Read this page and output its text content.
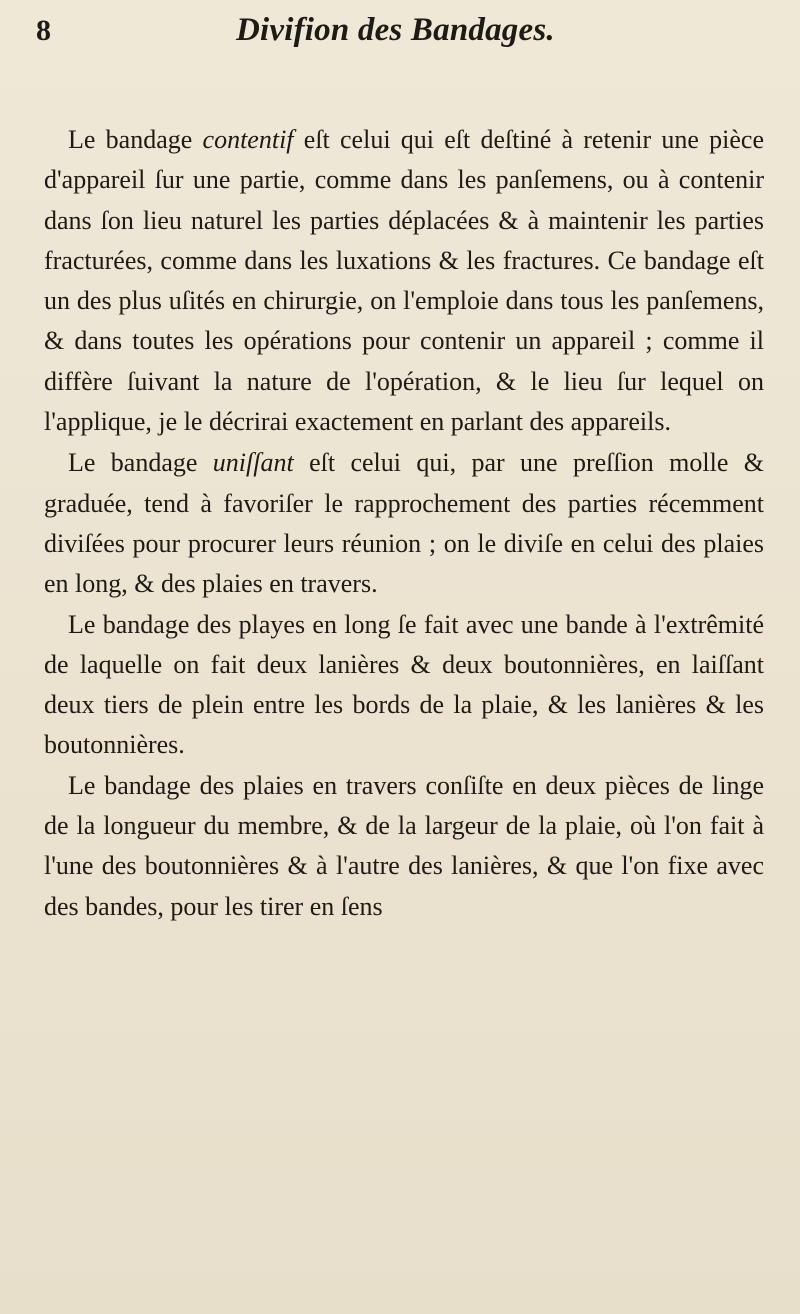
8	Divifion des Bandages.

Le bandage contentif eſt celui qui eſt deſtiné à retenir une pièce d'appareil ſur une partie, comme dans les panſemens, ou à contenir dans ſon lieu naturel les parties déplacées & à maintenir les parties fracturées, comme dans les luxations & les fractures. Ce bandage eſt un des plus uſités en chirurgie, on l'emploie dans tous les panſemens, & dans toutes les opérations pour contenir un appareil ; comme il diffère ſuivant la nature de l'opération, & le lieu ſur lequel on l'applique, je le décrirai exactement en parlant des appareils.

Le bandage uniſſant eſt celui qui, par une preſſion molle & graduée, tend à favoriſer le rapprochement des parties récemment diviſées pour procurer leurs réunion ; on le diviſe en celui des plaies en long, & des plaies en travers.

Le bandage des playes en long ſe fait avec une bande à l'extrêmité de laquelle on fait deux lanières & deux boutonnières, en laiſſant deux tiers de plein entre les bords de la plaie, & les lanières & les boutonnières.

Le bandage des plaies en travers conſiſte en deux pièces de linge de la longueur du membre, & de la largeur de la plaie, où l'on fait à l'une des boutonnières & à l'autre des lanières, & que l'on fixe avec des bandes, pour les tirer en ſens
